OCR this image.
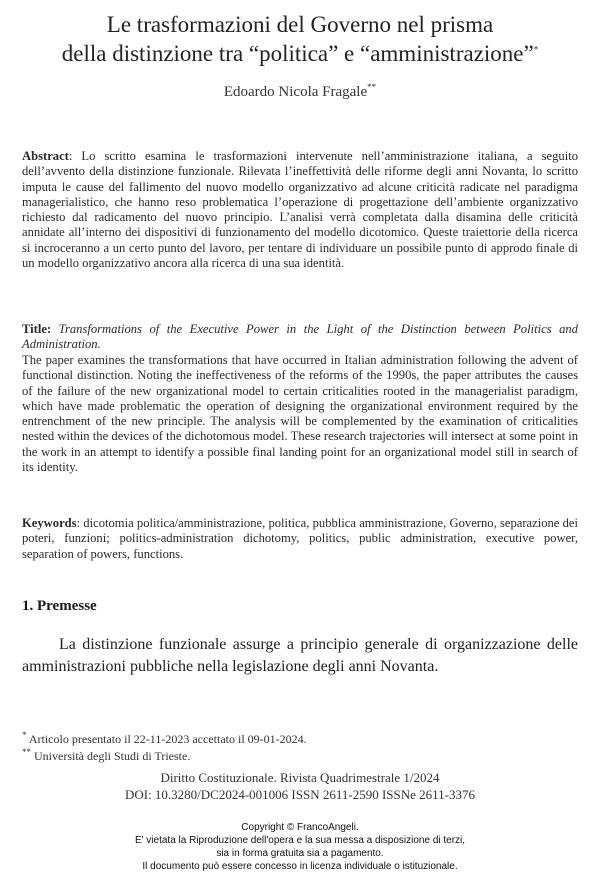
Le trasformazioni del Governo nel prisma
della distinzione tra “politica” e “amministrazione”*
Edoardo Nicola Fragale**
Abstract: Lo scritto esamina le trasformazioni intervenute nell’amministrazione italiana, a seguito dell’avvento della distinzione funzionale. Rilevata l’ineffettività delle riforme degli anni Novanta, lo scritto imputa le cause del fallimento del nuovo modello organizzativo ad alcune criticità radicate nel paradigma managerialistico, che hanno reso problematica l’operazione di progettazione dell’ambiente organizzativo richiesto dal radicamento del nuovo principio. L’analisi verrà completata dalla disamina delle criticità annidate all’interno dei dispositivi di funzionamento del modello dicotomico. Queste traiettorie della ricerca si incroceranno a un certo punto del lavoro, per tentare di individuare un possibile punto di approdo finale di un modello organizzativo ancora alla ricerca di una sua identità.
Title: Transformations of the Executive Power in the Light of the Distinction between Politics and Administration.
The paper examines the transformations that have occurred in Italian administration following the advent of functional distinction. Noting the ineffectiveness of the reforms of the 1990s, the paper attributes the causes of the failure of the new organizational model to certain criticalities rooted in the managerialist paradigm, which have made problematic the operation of designing the organizational environment required by the entrenchment of the new principle. The analysis will be complemented by the examination of criticalities nested within the devices of the dichotomous model. These research trajectories will intersect at some point in the work in an attempt to identify a possible final landing point for an organizational model still in search of its identity.
Keywords: dicotomia politica/amministrazione, politica, pubblica amministrazione, Governo, separazione dei poteri, funzioni; politics-administration dichotomy, politics, public administration, executive power, separation of powers, functions.
1. Premesse
La distinzione funzionale assurge a principio generale di organizzazione delle amministrazioni pubbliche nella legislazione degli anni Novanta.
* Articolo presentato il 22-11-2023 accettato il 09-01-2024.
** Università degli Studi di Trieste.
Diritto Costituzionale. Rivista Quadrimestrale 1/2024
DOI: 10.3280/DC2024-001006 ISSN 2611-2590 ISSNe 2611-3376
Copyright © FrancoAngeli.
E' vietata la Riproduzione dell'opera e la sua messa a disposizione di terzi,
sia in forma gratuita sia a pagamento.
Il documento può essere concesso in licenza individuale o istituzionale.
